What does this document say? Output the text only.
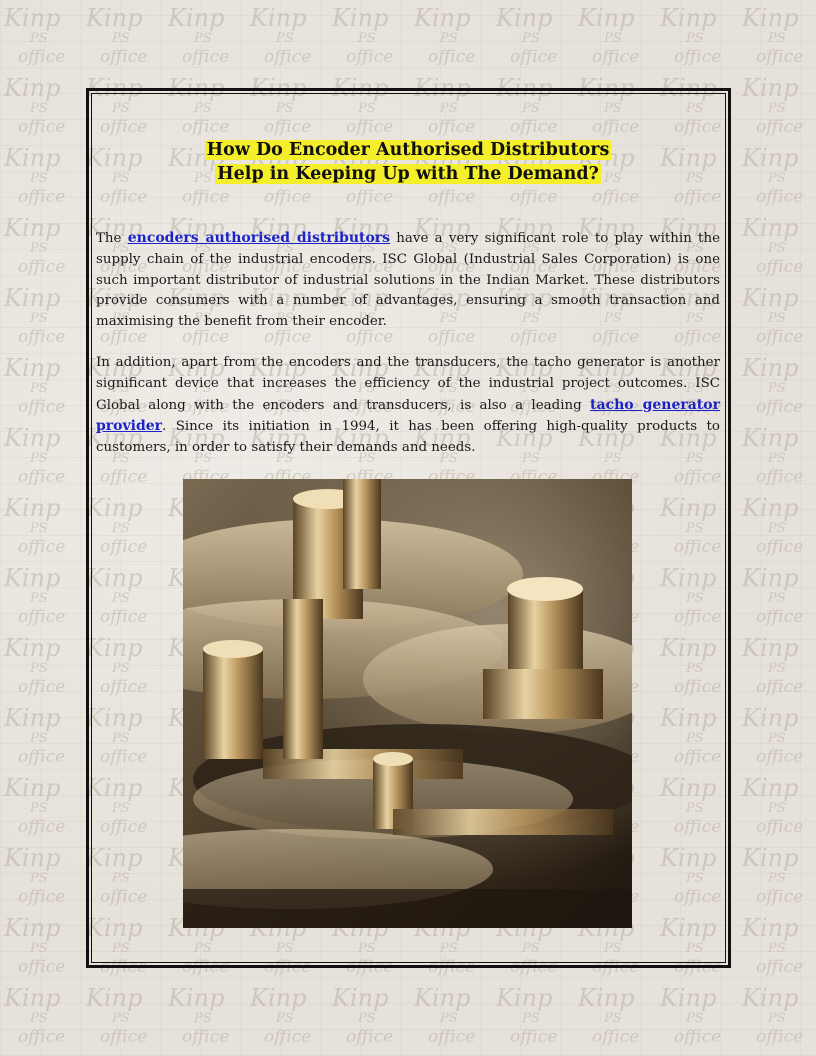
How Do Encoder Authorised Distributors
Help in Keeping Up with The Demand?
The encoders authorised distributors have a very significant role to play within the supply chain of the industrial encoders. ISC Global (Industrial Sales Corporation) is one such important distributor of industrial solutions in the Indian Market. These distributors provide consumers with a number of advantages, ensuring a smooth transaction and maximising the benefit from their encoder.
In addition, apart from the encoders and the transducers, the tacho generator is another significant device that increases the efficiency of the industrial project outcomes. ISC Global along with the encoders and transducers, is also a leading tacho generator provider. Since its initiation in 1994, it has been offering high-quality products to customers, in order to satisfy their demands and needs.
